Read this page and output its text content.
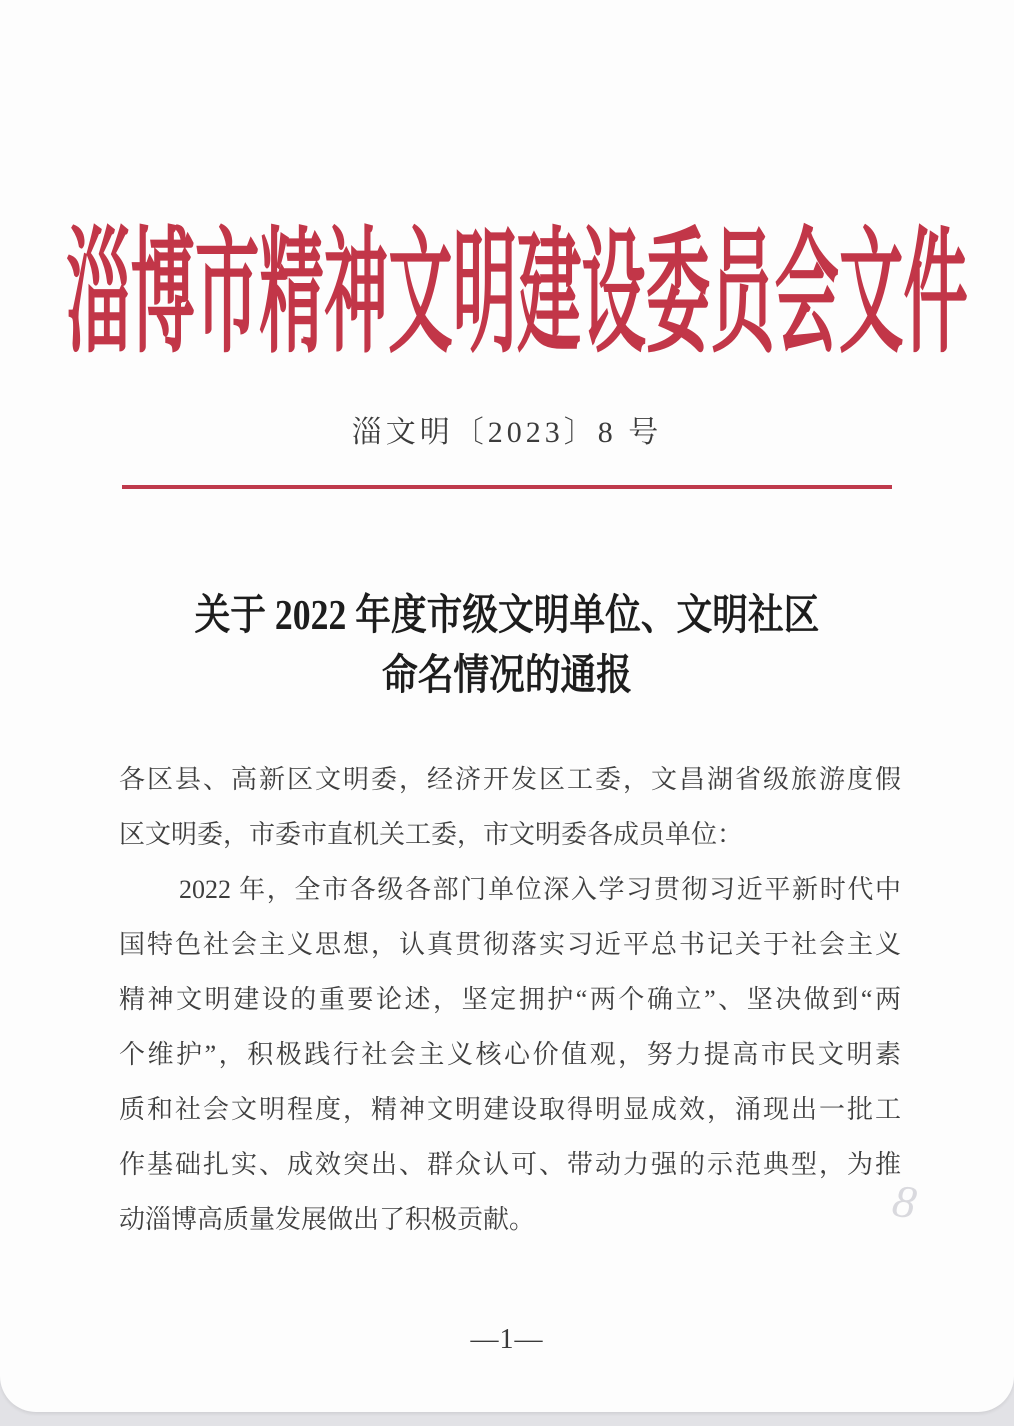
淄博市精神文明建设委员会文件
淄文明〔2023〕8 号
关于 2022 年度市级文明单位、文明社区
命名情况的通报
各区县、高新区文明委，经济开发区工委，文昌湖省级旅游度假
区文明委，市委市直机关工委，市文明委各成员单位：
2022 年，全市各级各部门单位深入学习贯彻习近平新时代中
国特色社会主义思想，认真贯彻落实习近平总书记关于社会主义
精神文明建设的重要论述，坚定拥护“两个确立”、坚决做到“两
个维护”，积极践行社会主义核心价值观，努力提高市民文明素
质和社会文明程度，精神文明建设取得明显成效，涌现出一批工
作基础扎实、成效突出、群众认可、带动力强的示范典型，为推
动淄博高质量发展做出了积极贡献。	8
—1—
